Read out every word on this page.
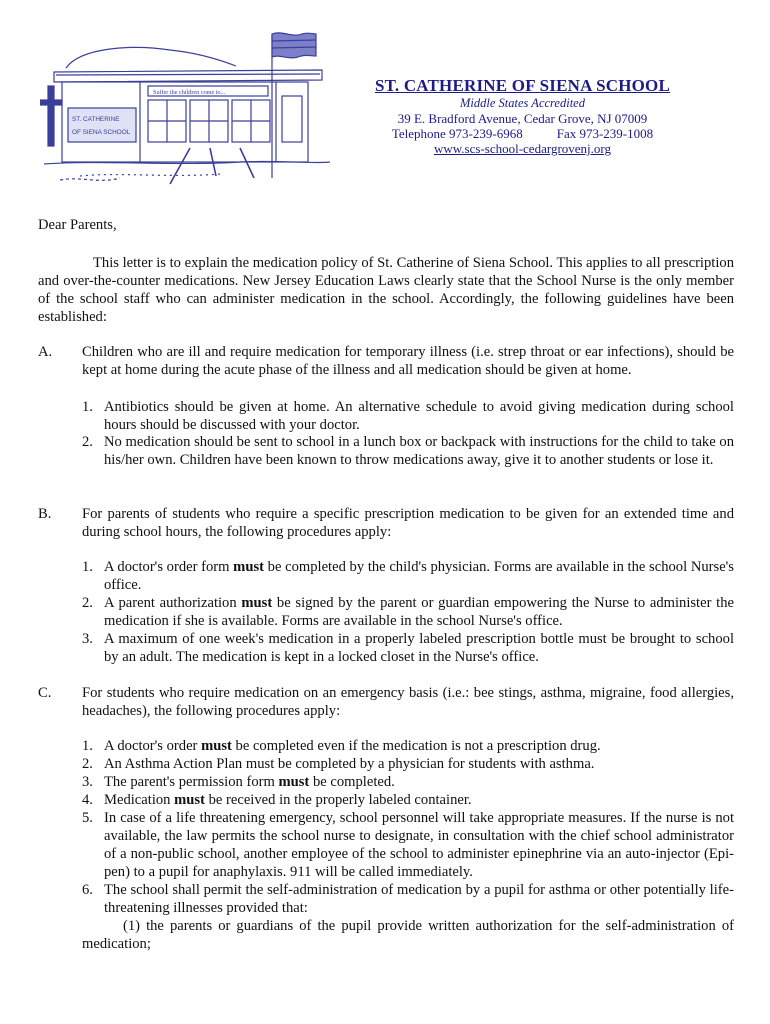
Suffer the children come to...
ST. CATHERINE
OF SIENA SCHOOL
ST. CATHERINE OF SIENA SCHOOL
Middle States Accredited
39 E. Bradford Avenue, Cedar Grove, NJ 07009
Telephone 973-239-6968	Fax 973-239-1008
www.scs-school-cedargrovenj.org

Dear Parents,

This letter is to explain the medication policy of St. Catherine of Siena School. This applies to all prescription and over-the-counter medications. New Jersey Education Laws clearly state that the School Nurse is the only member of the school staff who can administer medication in the school. Accordingly, the following guidelines have been established:

A. Children who are ill and require medication for temporary illness (i.e. strep throat or ear infections), should be kept at home during the acute phase of the illness and all medication should be given at home.

1. Antibiotics should be given at home. An alternative schedule to avoid giving medication during school hours should be discussed with your doctor.
2. No medication should be sent to school in a lunch box or backpack with instructions for the child to take on his/her own. Children have been known to throw medications away, give it to another students or lose it.
B. For parents of students who require a specific prescription medication to be given for an extended time and during school hours, the following procedures apply:

1. A doctor's order form must be completed by the child's physician. Forms are available in the school Nurse's office.
2. A parent authorization must be signed by the parent or guardian empowering the Nurse to administer the medication if she is available. Forms are available in the school Nurse's office.
3. A maximum of one week's medication in a properly labeled prescription bottle must be brought to school by an adult. The medication is kept in a locked closet in the Nurse's office.
C. For students who require medication on an emergency basis (i.e.: bee stings, asthma, migraine, food allergies, headaches), the following procedures apply:

1. A doctor's order must be completed even if the medication is not a prescription drug.
2. An Asthma Action Plan must be completed by a physician for students with asthma.
3. The parent's permission form must be completed.
4. Medication must be received in the properly labeled container.
5. In case of a life threatening emergency, school personnel will take appropriate measures. If the nurse is not available, the law permits the school nurse to designate, in consultation with the chief school administrator of a non-public school, another employee of the school to administer epinephrine via an auto-injector (Epi-pen) to a pupil for anaphylaxis. 911 will be called immediately.
6. The school shall permit the self-administration of medication by a pupil for asthma or other potentially life-threatening illnesses provided that:

(1) the parents or guardians of the pupil provide written authorization for the self-administration of medication;
